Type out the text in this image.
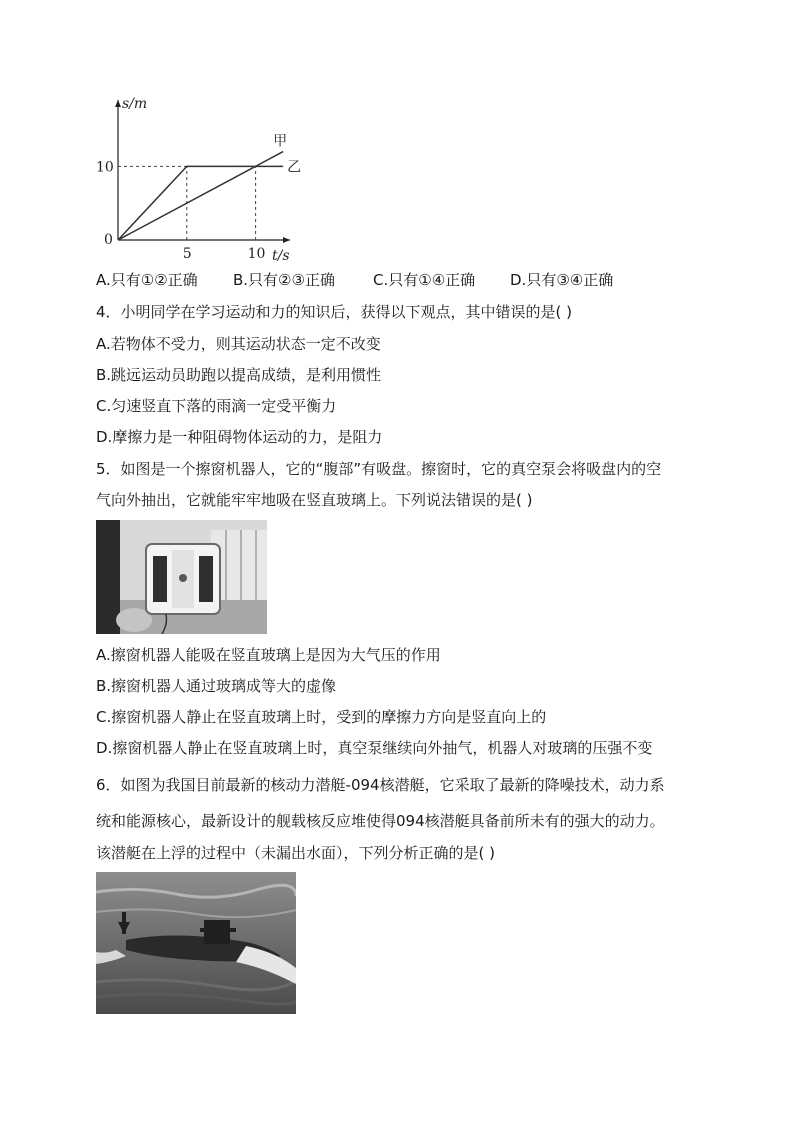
甲
乙
0
5	10
10
s/m
t/s
A.只有①②正确 B.只有②③正确	C.只有①④正确 D.只有③④正确
4．小明同学在学习运动和力的知识后，获得以下观点，其中错误的是( )
A.若物体不受力，则其运动状态一定不改变
B.跳远运动员助跑以提高成绩，是利用惯性
C.匀速竖直下落的雨滴一定受平衡力
D.摩擦力是一种阻碍物体运动的力，是阻力
5．如图是一个擦窗机器人，它的“腹部”有吸盘。擦窗时，它的真空泵会将吸盘内的空
气向外抽出，它就能牢牢地吸在竖直玻璃上。下列说法错误的是( )
A.擦窗机器人能吸在竖直玻璃上是因为大气压的作用
B.擦窗机器人通过玻璃成等大的虚像
C.擦窗机器人静止在竖直玻璃上时，受到的摩擦力方向是竖直向上的
D.擦窗机器人静止在竖直玻璃上时，真空泵继续向外抽气，机器人对玻璃的压强不变
6．如图为我国目前最新的核动力潜艇-094核潜艇，它采取了最新的降噪技术，动力系
统和能源核心，最新设计的舰载核反应堆使得094核潜艇具备前所未有的强大的动力。
该潜艇在上浮的过程中（未漏出水面），下列分析正确的是( )
